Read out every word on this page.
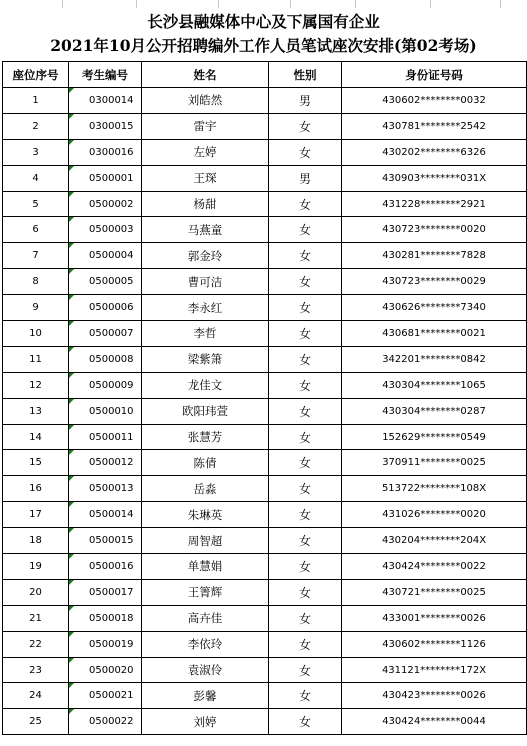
长沙县融媒体中心及下属国有企业
2021年10月公开招聘编外工作人员笔试座次安排(第02考场)
座位序号	考生编号	姓名	性别	身份证号码
1	0300014	刘皓然	男	430602********0032
2	0300015	雷宇	女	430781********2542
3	0300016	左婷	女	430202********6326
4	0500001	王琛	男	430903********031X
5	0500002	杨甜	女	431228********2921
6	0500003	马燕童	女	430723********0020
7	0500004	郭金玲	女	430281********7828
8	0500005	曹可洁	女	430723********0029
9	0500006	李永红	女	430626********7340
10	0500007	李哲	女	430681********0021
11	0500008	梁紫箫	女	342201********0842
12	0500009	龙佳文	女	430304********1065
13	0500010	欧阳玮萱	女	430304********0287
14	0500011	张慧芳	女	152629********0549
15	0500012	陈倩	女	370911********0025
16	0500013	岳淼	女	513722********108X
17	0500014	朱琳英	女	431026********0020
18	0500015	周智超	女	430204********204X
19	0500016	单慧娟	女	430424********0022
20	0500017	王箐辉	女	430721********0025
21	0500018	高卉佳	女	433001********0026
22	0500019	李依玲	女	430602********1126
23	0500020	袁淑伶	女	431121********172X
24	0500021	彭馨	女	430423********0026
25	0500022	刘婷	女	430424********0044
